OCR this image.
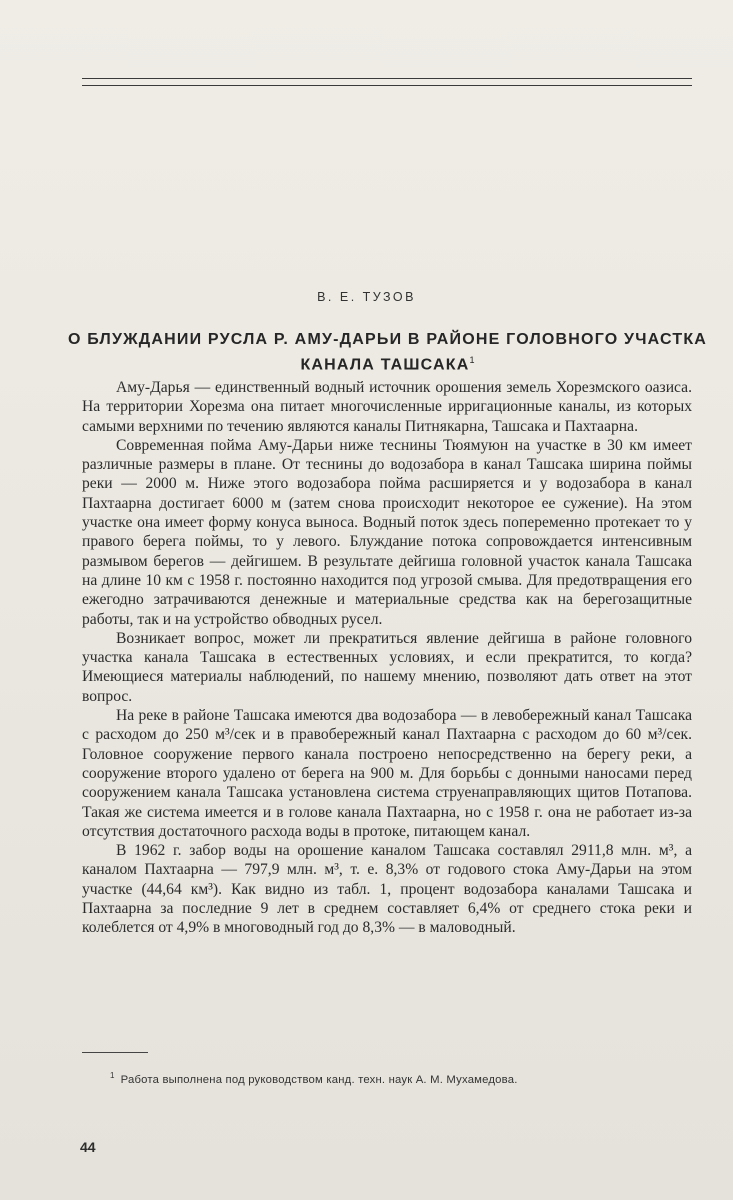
В. Е. ТУЗОВ
О БЛУЖДАНИИ РУСЛА Р. АМУ-ДАРЬИ В РАЙОНЕ ГОЛОВНОГО УЧАСТКА КАНАЛА ТАШСАКА$^1$

Аму-Дарья — единственный водный источник орошения земель Хорезмского оазиса. На территории Хорезма она питает многочисленные ирригационные каналы, из которых самыми верхними по течению являются каналы Питнякарна, Ташсака и Пахтаарна.

Современная пойма Аму-Дарьи ниже теснины Тюямуюн на участке в 30 км имеет различные размеры в плане. От теснины до водозабора в канал Ташсака ширина поймы реки — 2000 м. Ниже этого водозабора пойма расширяется и у водозабора в канал Пахтаарна достигает 6000 м (затем снова происходит некоторое ее сужение). На этом участке она имеет форму конуса выноса. Водный поток здесь попеременно протекает то у правого берега поймы, то у левого. Блуждание потока сопровождается интенсивным размывом берегов — дейгишем. В результате дейгиша головной участок канала Ташсака на длине 10 км с 1958 г. постоянно находится под угрозой смыва. Для предотвращения его ежегодно затрачиваются денежные и материальные средства как на берегозащитные работы, так и на устройство обводных русел.

Возникает вопрос, может ли прекратиться явление дейгиша в районе головного участка канала Ташсака в естественных условиях, и если прекратится, то когда? Имеющиеся материалы наблюдений, по нашему мнению, позволяют дать ответ на этот вопрос.

На реке в районе Ташсака имеются два водозабора — в левобережный канал Ташсака с расходом до 250 м³/сек и в правобережный канал Пахтаарна с расходом до 60 м³/сек. Головное сооружение первого канала построено непосредственно на берегу реки, а сооружение второго удалено от берега на 900 м. Для борьбы с донными наносами перед сооружением канала Ташсака установлена система струенаправляющих щитов Потапова. Такая же система имеется и в голове канала Пахтаарна, но с 1958 г. она не работает из-за отсутствия достаточного расхода воды в протоке, питающем канал.

В 1962 г. забор воды на орошение каналом Ташсака составлял 2911,8 млн. м³, а каналом Пахтаарна — 797,9 млн. м³, т. е. 8,3% от годового стока Аму-Дарьи на этом участке (44,64 км³). Как видно из табл. 1, процент водозабора каналами Ташсака и Пахтаарна за последние 9 лет в среднем составляет 6,4% от среднего стока реки и колеблется от 4,9% в многоводный год до 8,3% — в маловодный.

$^1$ Работа выполнена под руководством канд. техн. наук А. М. Мухамедова.
44
